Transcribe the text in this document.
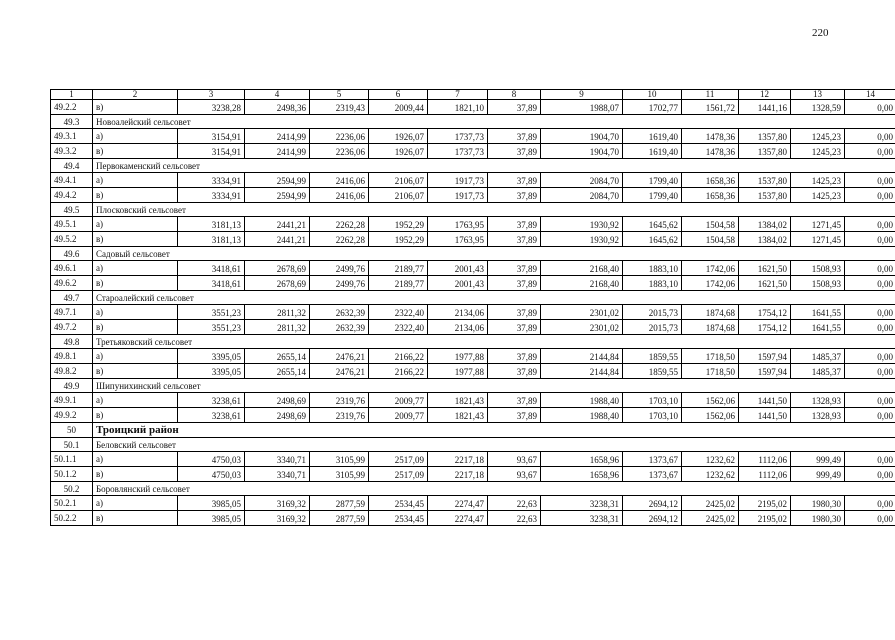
220
1	2	3	4	5	6	7	8	9	10	11	12	13	14
49.2.2	в)	3238,28	2498,36	2319,43	2009,44	1821,10	37,89	1988,07	1702,77	1561,72	1441,16	1328,59	0,00
49.3	Новоалейский сельсовет												
49.3.1	а)	3154,91	2414,99	2236,06	1926,07	1737,73	37,89	1904,70	1619,40	1478,36	1357,80	1245,23	0,00
49.3.2	в)	3154,91	2414,99	2236,06	1926,07	1737,73	37,89	1904,70	1619,40	1478,36	1357,80	1245,23	0,00
49.4	Первокаменский сельсовет												
49.4.1	а)	3334,91	2594,99	2416,06	2106,07	1917,73	37,89	2084,70	1799,40	1658,36	1537,80	1425,23	0,00
49.4.2	в)	3334,91	2594,99	2416,06	2106,07	1917,73	37,89	2084,70	1799,40	1658,36	1537,80	1425,23	0,00
49.5	Плосковский сельсовет												
49.5.1	а)	3181,13	2441,21	2262,28	1952,29	1763,95	37,89	1930,92	1645,62	1504,58	1384,02	1271,45	0,00
49.5.2	в)	3181,13	2441,21	2262,28	1952,29	1763,95	37,89	1930,92	1645,62	1504,58	1384,02	1271,45	0,00
49.6	Садовый сельсовет												
49.6.1	а)	3418,61	2678,69	2499,76	2189,77	2001,43	37,89	2168,40	1883,10	1742,06	1621,50	1508,93	0,00
49.6.2	в)	3418,61	2678,69	2499,76	2189,77	2001,43	37,89	2168,40	1883,10	1742,06	1621,50	1508,93	0,00
49.7	Староалейский сельсовет												
49.7.1	а)	3551,23	2811,32	2632,39	2322,40	2134,06	37,89	2301,02	2015,73	1874,68	1754,12	1641,55	0,00
49.7.2	в)	3551,23	2811,32	2632,39	2322,40	2134,06	37,89	2301,02	2015,73	1874,68	1754,12	1641,55	0,00
49.8	Третьяковский сельсовет												
49.8.1	а)	3395,05	2655,14	2476,21	2166,22	1977,88	37,89	2144,84	1859,55	1718,50	1597,94	1485,37	0,00
49.8.2	в)	3395,05	2655,14	2476,21	2166,22	1977,88	37,89	2144,84	1859,55	1718,50	1597,94	1485,37	0,00
49.9	Шипунихинский сельсовет												
49.9.1	а)	3238,61	2498,69	2319,76	2009,77	1821,43	37,89	1988,40	1703,10	1562,06	1441,50	1328,93	0,00
49.9.2	в)	3238,61	2498,69	2319,76	2009,77	1821,43	37,89	1988,40	1703,10	1562,06	1441,50	1328,93	0,00
50	Троицкий район												
50.1	Беловский сельсовет												
50.1.1	а)	4750,03	3340,71	3105,99	2517,09	2217,18	93,67	1658,96	1373,67	1232,62	1112,06	999,49	0,00
50.1.2	в)	4750,03	3340,71	3105,99	2517,09	2217,18	93,67	1658,96	1373,67	1232,62	1112,06	999,49	0,00
50.2	Боровлянский сельсовет												
50.2.1	а)	3985,05	3169,32	2877,59	2534,45	2274,47	22,63	3238,31	2694,12	2425,02	2195,02	1980,30	0,00
50.2.2	в)	3985,05	3169,32	2877,59	2534,45	2274,47	22,63	3238,31	2694,12	2425,02	2195,02	1980,30	0,00
